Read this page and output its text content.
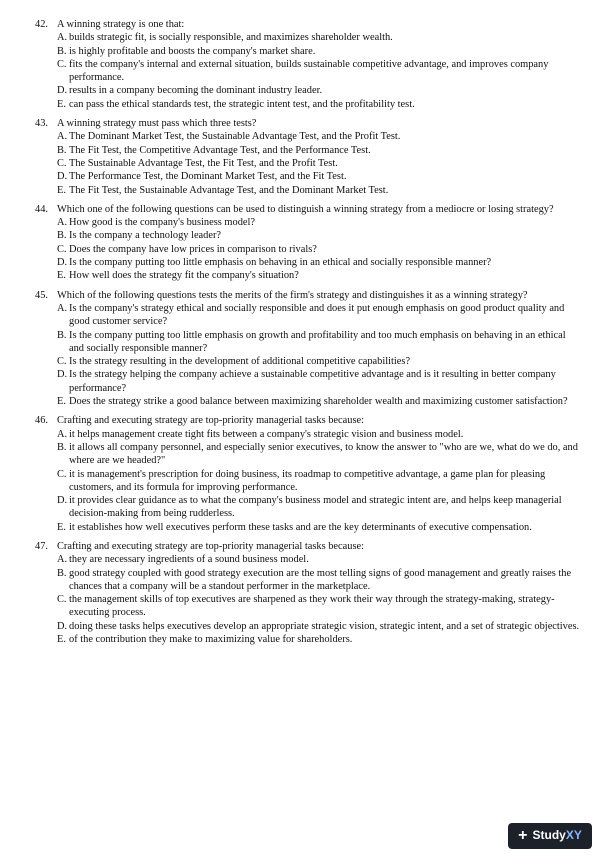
42. A winning strategy is one that:
A. builds strategic fit, is socially responsible, and maximizes shareholder wealth.
B. is highly profitable and boosts the company's market share.
C. fits the company's internal and external situation, builds sustainable competitive advantage, and improves company performance.
D. results in a company becoming the dominant industry leader.
E. can pass the ethical standards test, the strategic intent test, and the profitability test.
43. A winning strategy must pass which three tests?
A. The Dominant Market Test, the Sustainable Advantage Test, and the Profit Test.
B. The Fit Test, the Competitive Advantage Test, and the Performance Test.
C. The Sustainable Advantage Test, the Fit Test, and the Profit Test.
D. The Performance Test, the Dominant Market Test, and the Fit Test.
E. The Fit Test, the Sustainable Advantage Test, and the Dominant Market Test.
44. Which one of the following questions can be used to distinguish a winning strategy from a mediocre or losing strategy?
A. How good is the company's business model?
B. Is the company a technology leader?
C. Does the company have low prices in comparison to rivals?
D. Is the company putting too little emphasis on behaving in an ethical and socially responsible manner?
E. How well does the strategy fit the company's situation?
45. Which of the following questions tests the merits of the firm's strategy and distinguishes it as a winning strategy?
A. Is the company's strategy ethical and socially responsible and does it put enough emphasis on good product quality and good customer service?
B. Is the company putting too little emphasis on growth and profitability and too much emphasis on behaving in an ethical and socially responsible manner?
C. Is the strategy resulting in the development of additional competitive capabilities?
D. Is the strategy helping the company achieve a sustainable competitive advantage and is it resulting in better company performance?
E. Does the strategy strike a good balance between maximizing shareholder wealth and maximizing customer satisfaction?
46. Crafting and executing strategy are top-priority managerial tasks because:
A. it helps management create tight fits between a company's strategic vision and business model.
B. it allows all company personnel, and especially senior executives, to know the answer to "who are we, what do we do, and where are we headed?"
C. it is management's prescription for doing business, its roadmap to competitive advantage, a game plan for pleasing customers, and its formula for improving performance.
D. it provides clear guidance as to what the company's business model and strategic intent are, and helps keep managerial decision-making from being rudderless.
E. it establishes how well executives perform these tasks and are the key determinants of executive compensation.
47. Crafting and executing strategy are top-priority managerial tasks because:
A. they are necessary ingredients of a sound business model.
B. good strategy coupled with good strategy execution are the most telling signs of good management and greatly raises the chances that a company will be a standout performer in the marketplace.
C. the management skills of top executives are sharpened as they work their way through the strategy-making, strategy-executing process.
D. doing these tasks helps executives develop an appropriate strategic vision, strategic intent, and a set of strategic objectives.
E. of the contribution they make to maximizing value for shareholders.
+ Study XY
